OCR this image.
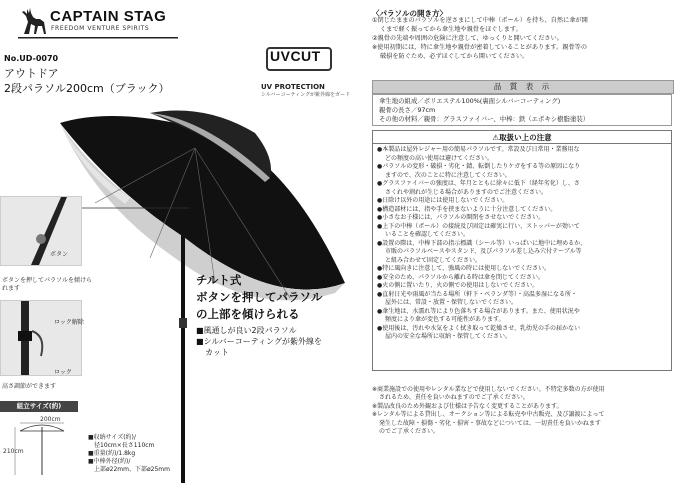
CAPTAIN STAG
FREEDOM VENTURE SPIRITS
No.UD-0070
アウトドア
2段パラソル200cm（ブラック）
UVCUT
UV PROTECTION
シルバーコーティングが紫外線をガード
チルト式
ボタンを押してパラソル
の上部を傾けられる
■風通しが良い2段パラソル
■シルバーコーティングが紫外線を
カット
ボタン
ボタンを押してパラソルを傾けられます
ロック解除
ロック
高さ調節ができます
組立サイズ(約)
200cm
210cm
■収納サイズ(約)/
径10cm×長さ110cm
■重量(約)/1.8kg
■中棒外径(約)/
上部ø22mm、下部ø25mm
〈パラソルの開き方〉
①閉じたままのパラソルを逆さまにして中棒（ポール）を持ち、自然に傘が開
くまで軽く振ってから傘生地や親骨をほぐします。
②親骨の先端や周囲の危険に注意して、ゆっくりと開いてください。
※使用初期には、特に傘生地や親骨が密着していることがあります。親骨等の
破損を防ぐため、必ずほぐしてから開いてください。
品 質 表 示
傘生地の組成／ポリエステル100%(裏面シルバーコーティング)
親骨の長さ／97cm
その他の材料／親骨：グラスファイバー、中棒：鉄（エポキシ樹脂塗装）
⚠取扱い上の注意
●本製品は屋外レジャー用の簡易パラソルです。常設及び日常用・業務用な
どの頻度の高い使用は避けてください。
●パラソルの変形・破損・劣化・錆、転倒したりケガをする等の原因になり
ますので、次のことに特に注意してください。
●グラスファイバーの強度は、年月とともに徐々に低下（経年劣化）し、さ
さくれや割れが生じる場合がありますのでご注意ください。
●日除け以外の用途には使用しないでください。
●構造部材には、指や手を挟まないように十分注意してください。
●小さなお子様には、パラソルの開閉をさせないでください。
●上下の中棒（ポール）の接続及び固定は確実に行い、ストッパーが効いて
いることを確認してください。
●設置の際は、中棒下部の指示標識（シール等）いっぱいに地中に埋めるか、
市販のパラソルベースやスタンド、及びパラソル差し込み穴付テーブル等
と組み合わせて固定してください。
●特に風向きに注意して、強風の時には使用しないでください。
●安全のため、パラソルから離れる時は傘を閉じてください。
●火の側に置いたり、火の側での使用はしないでください。
●直射日光や雨風が当たる場所（軒下・ベランダ等）・高温多湿になる所・
屋外には、常設・放置・保管しないでください。
●傘生地は、水濡れ等により色落ちする場合があります。また、使用状況や
頻度により傘が変色する可能性があります。
●使用後は、汚れや水気をよく拭き取って乾燥させ、乳幼児の手の届かない
屋内の安全な場所に収納・保管してください。
※商業施設での使用やレンタル業などで使用しないでください。不特定多数の方が使用
されるため、責任を負いかねますのでご了承ください。
※製品改良のため外観および仕様は予告なく変更することがあります。
※レンタル等による貸出し、オークション等による転売や中古販売、及び譲渡によって
発生した故障・損傷・劣化・損害・事故などについては、一切責任を負いかねます
のでご了承ください。
